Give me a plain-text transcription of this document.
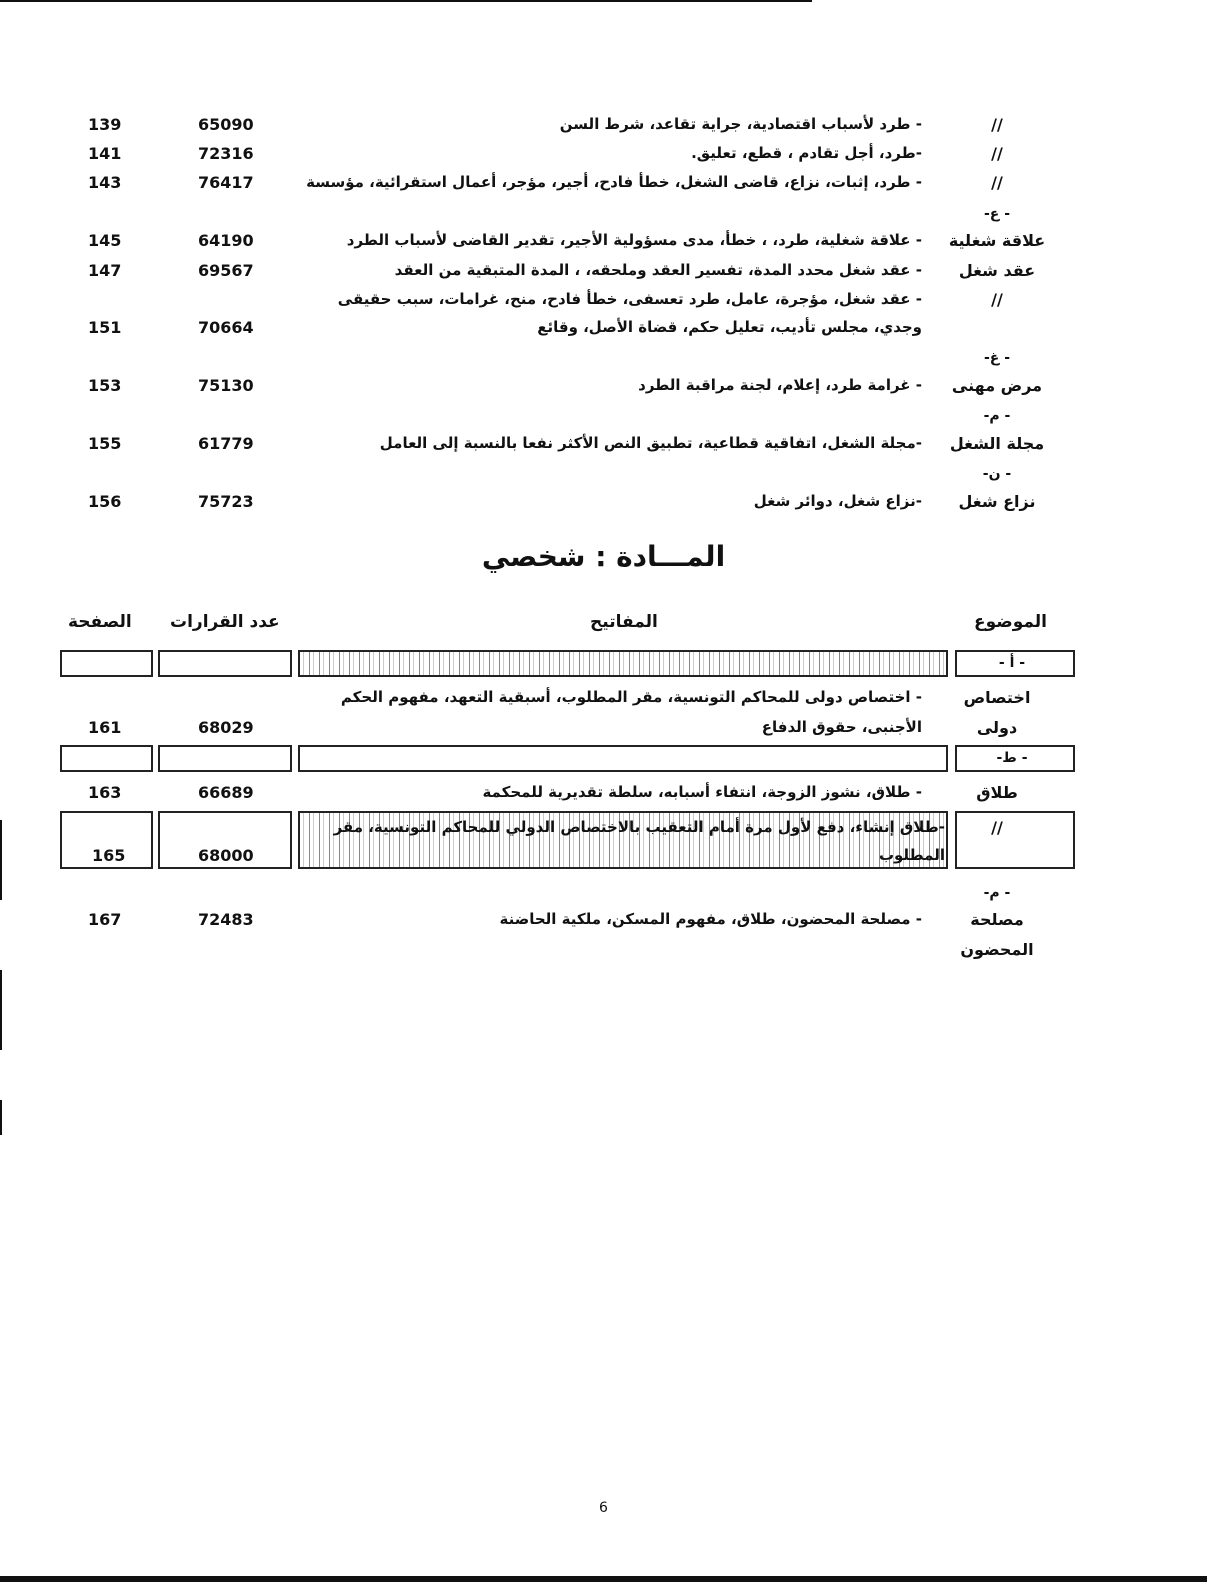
//
- طرد لأسباب اقتصادية، جراية تقاعد، شرط السن
65090
139
//
-طرد، أجل تقادم ، قطع، تعليق.
72316
141
//
- طرد، إثبات، نزاع، قاضى الشغل، خطأ فادح، أجير، مؤجر، أعمال استقرائية، مؤسسة
76417
143
- ع-
علاقة شغلية
- علاقة شغلية، طرد، ، خطأ، مدى مسؤولية الأجير، تقدير القاضى لأسباب الطرد
64190
145
عقد شغل
- عقد شغل محدد المدة، تفسير العقد وملحقه، ، المدة المتبقية من العقد
69567
147
//
- عقد شغل، مؤجرة، عامل، طرد تعسفى، خطأ فادح، منح، غرامات، سبب حقيقى
وجدي، مجلس تأديب، تعليل حكم، قضاة الأصل، وقائع
70664
151
- غ-
مرض مهنى
- غرامة طرد، إعلام، لجنة مراقبة الطرد
75130
153
- م-
مجلة الشغل
-مجلة الشغل، اتفاقية قطاعية، تطبيق النص الأكثر نفعا بالنسبة إلى العامل
61779
155
- ن-
نزاع شغل
-نزاع شغل، دوائر شغل
75723
156
المـــادة : شخصي
الموضوع
المفاتيح
عدد القرارات
الصفحة
- أ -
اختصاص
دولى
- اختصاص دولى للمحاكم التونسية، مقر المطلوب، أسبقية التعهد، مفهوم الحكم
الأجنبى، حقوق الدفاع
68029
161
- ط-
طلاق
- طلاق، نشوز الزوجة، انتفاء أسبابه، سلطة تقديرية للمحكمة
66689
163
//
-طلاق إنشاء، دفع لأول مرة أمام التعقيب بالاختصاص الدولي للمحاكم التونسية، مقر
المطلوب
68000
165
- م-
مصلحة
المحضون
- مصلحة المحضون، طلاق، مفهوم المسكن، ملكية الحاضنة
72483
167
6
